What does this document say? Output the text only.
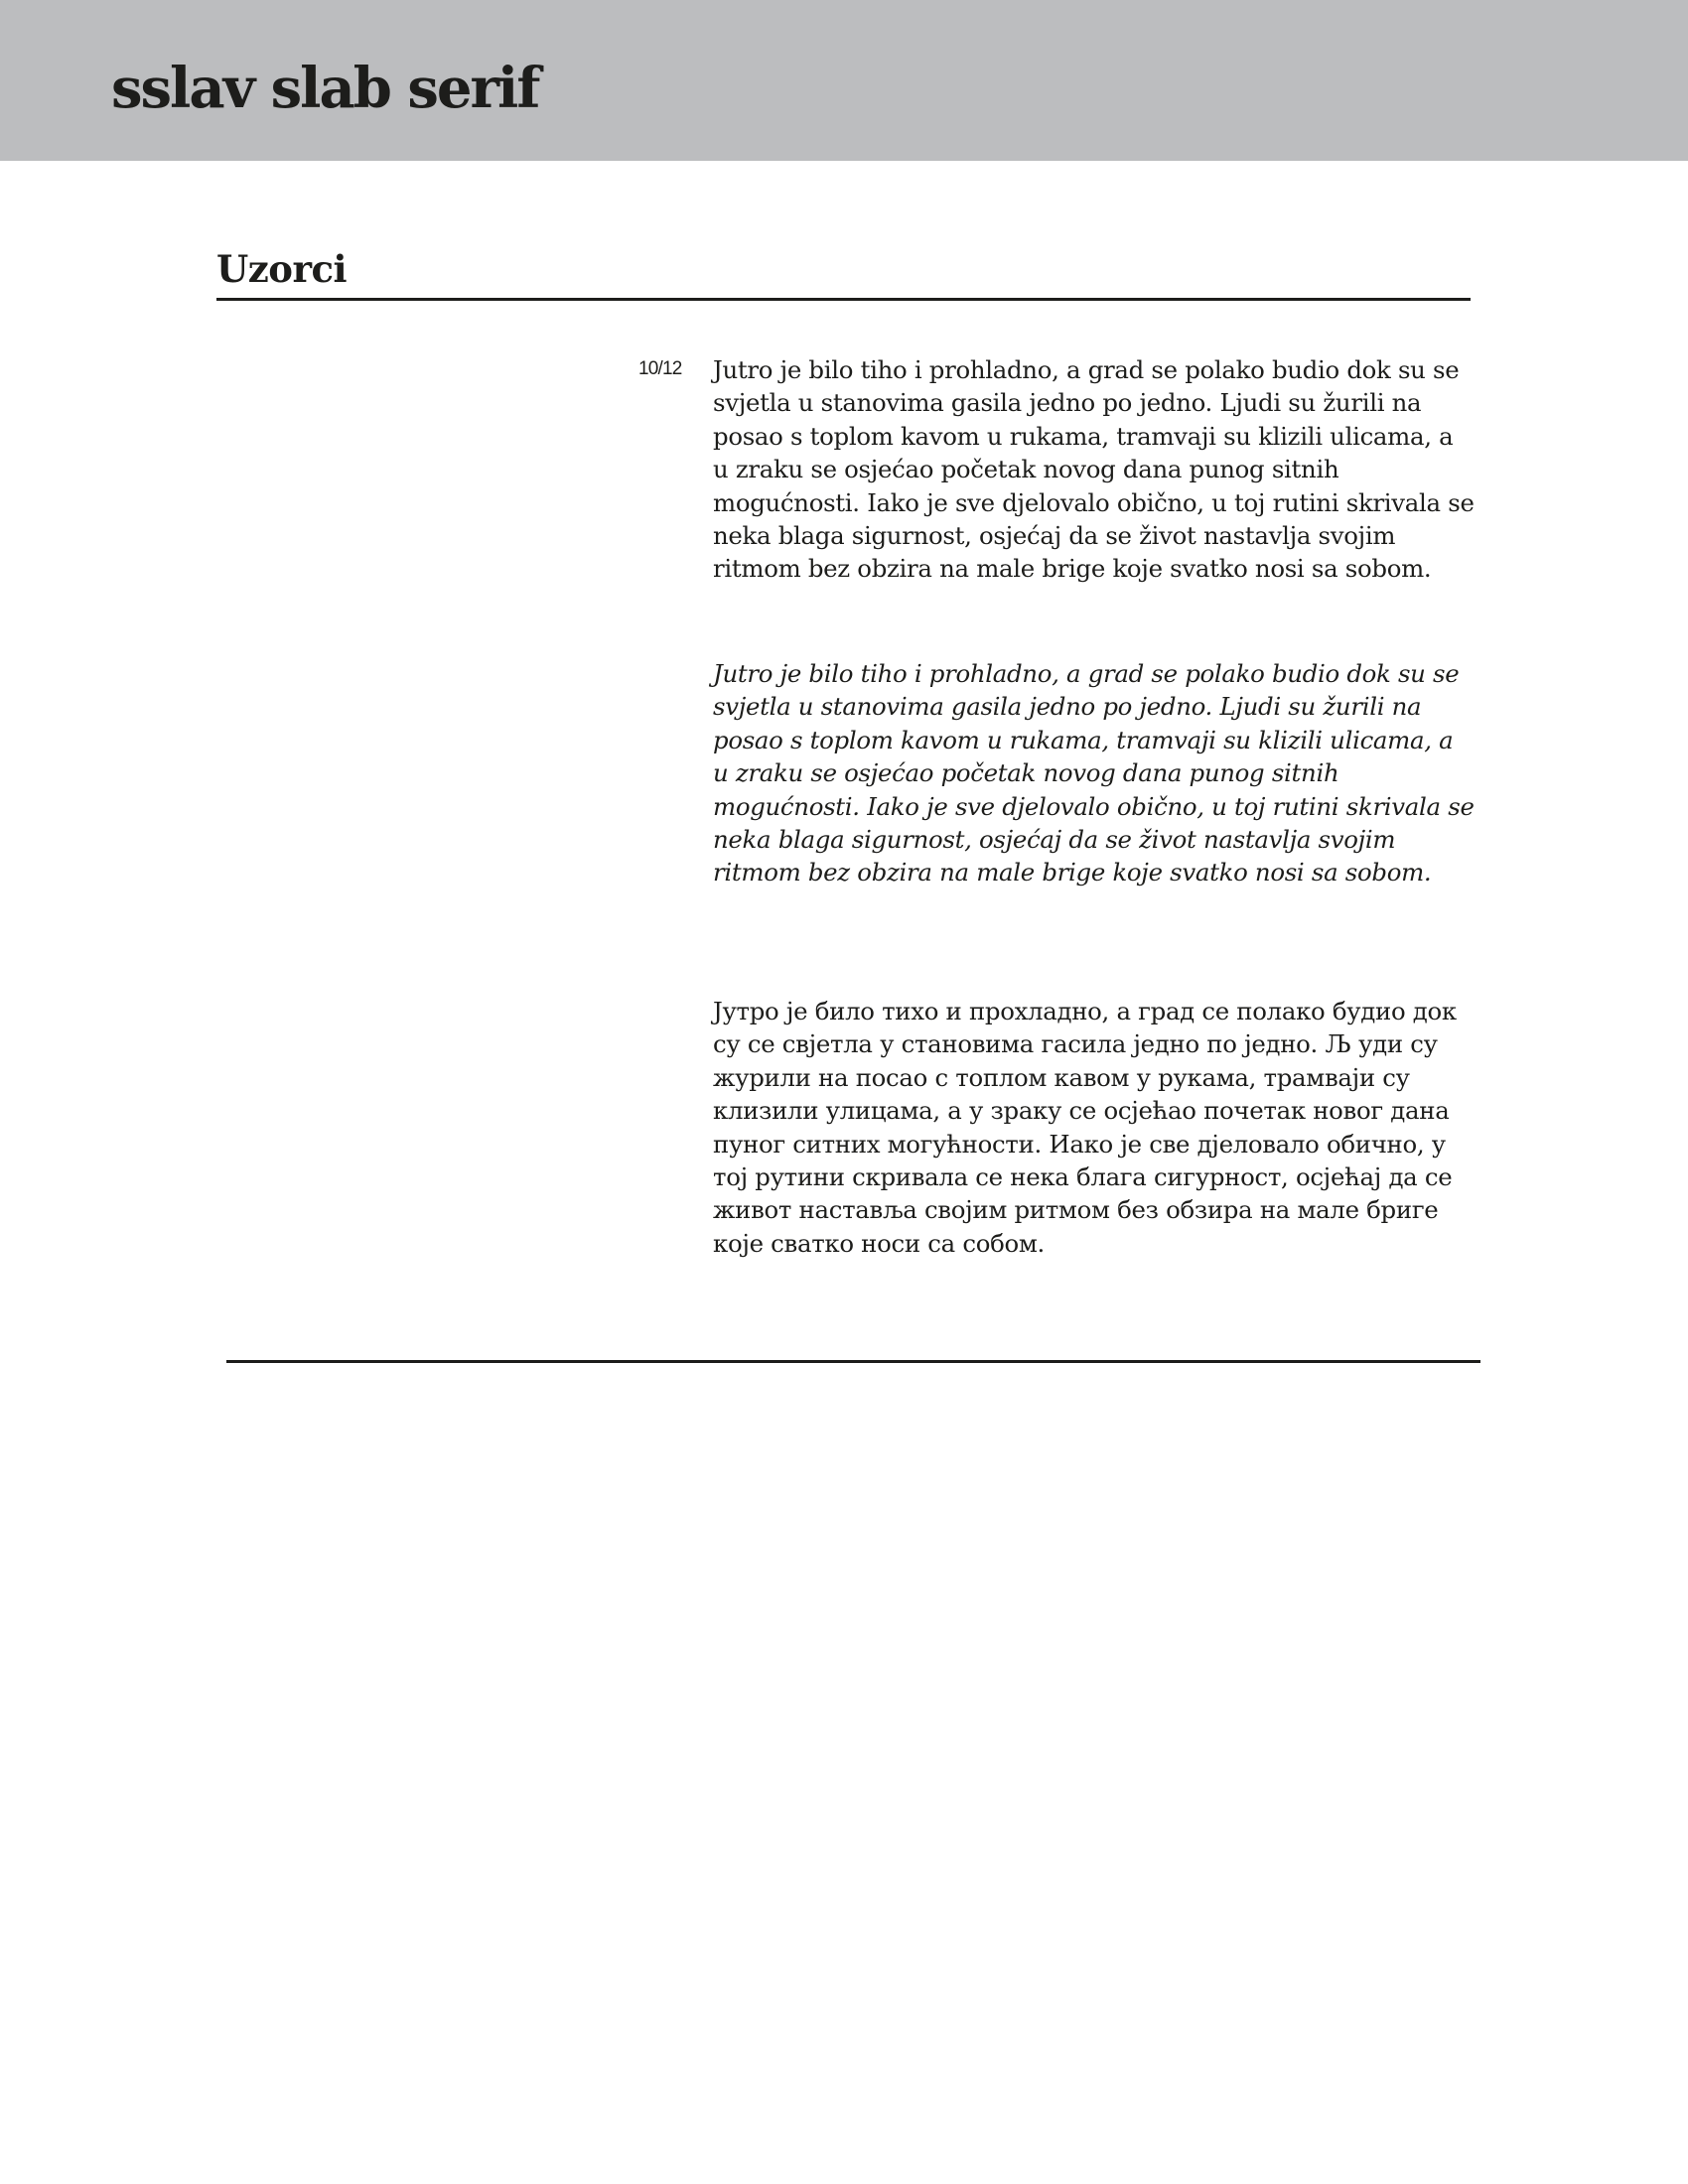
sslav slab serif
Uzorci
10/12 Jutro je bilo tiho i prohladno, a grad se polako budio dok su se svjetla u stanovima gasila jedno po jedno. Ljudi su žurili na posao s toplom kavom u rukama, tramvaji su klizili ulicama, a u zraku se osjećao početak novog dana punog sitnih mogućnosti. Iako je sve djelovalo obično, u toj rutini skrivala se neka blaga sigurnost, osjećaj da se život nastavlja svojim ritmom bez obzira na male brige koje svatko nosi sa sobom.

Jutro je bilo tiho i prohladno, a grad se polako budio dok su se svjetla u stanovima gasila jedno po jedno. Ljudi su žurili na posao s toplom kavom u rukama, tramvaji su klizili ulicama, a u zraku se osjećao početak novog dana punog sitnih mogućnosti. Iako je sve djelovalo obično, u toj rutini skrivala se neka blaga sigurnost, osjećaj da se život nastavlja svojim ritmom bez obzira na male brige koje svatko nosi sa sobom.

Јутро је било тихо и прохладно, а град се полако будио док су се свјетла у становима гасила једно по једно. Љ уди су журили на посао с топлом кавом у рукама, трамваји су клизили улицама, а у зраку се осјећао почетак новог дана пуног ситних могућности. Иако је све дјеловало обично, у тој рутини скривала се нека блага сигурност, осјећај да се живот наставља својим ритмом без обзира на мале бриге које сватко носи са собом.
